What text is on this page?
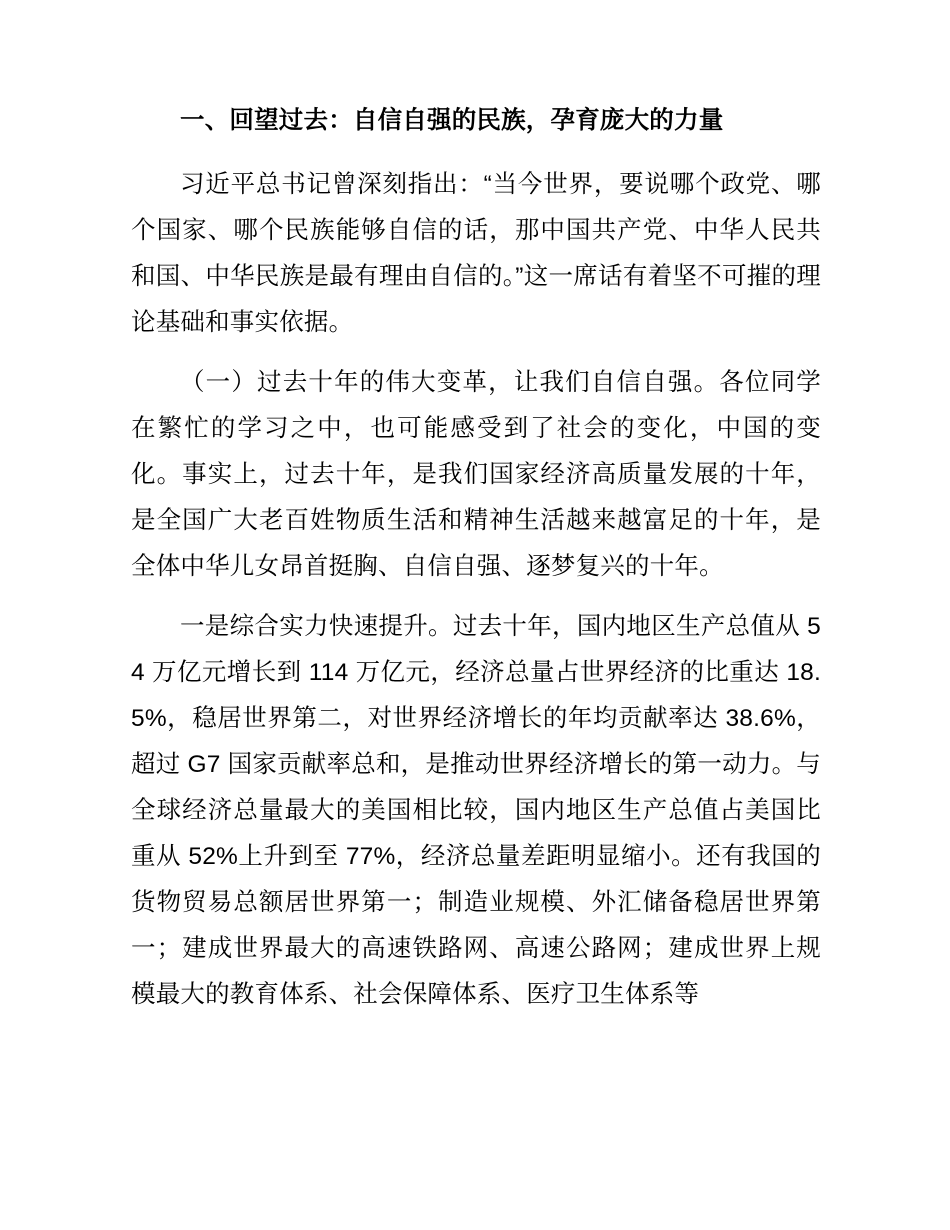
一、回望过去：自信自强的民族，孕育庞大的力量

习近平总书记曾深刻指出：“当今世界，要说哪个政党、哪个国家、哪个民族能够自信的话，那中国共产党、中华人民共和国、中华民族是最有理由自信的。”这一席话有着坚不可摧的理论基础和事实依据。

（一）过去十年的伟大变革，让我们自信自强。各位同学在繁忙的学习之中，也可能感受到了社会的变化，中国的变化。事实上，过去十年，是我们国家经济高质量发展的十年，是全国广大老百姓物质生活和精神生活越来越富足的十年，是全体中华儿女昂首挺胸、自信自强、逐梦复兴的十年。

一是综合实力快速提升。过去十年，国内地区生产总值从 54 万亿元增长到 114 万亿元，经济总量占世界经济的比重达 18.5%，稳居世界第二，对世界经济增长的年均贡献率达 38.6%，超过 G7 国家贡献率总和，是推动世界经济增长的第一动力。与全球经济总量最大的美国相比较，国内地区生产总值占美国比重从 52%上升到至 77%，经济总量差距明显缩小。还有我国的货物贸易总额居世界第一；制造业规模、外汇储备稳居世界第一；建成世界最大的高速铁路网、高速公路网；建成世界上规模最大的教育体系、社会保障体系、医疗卫生体系等
